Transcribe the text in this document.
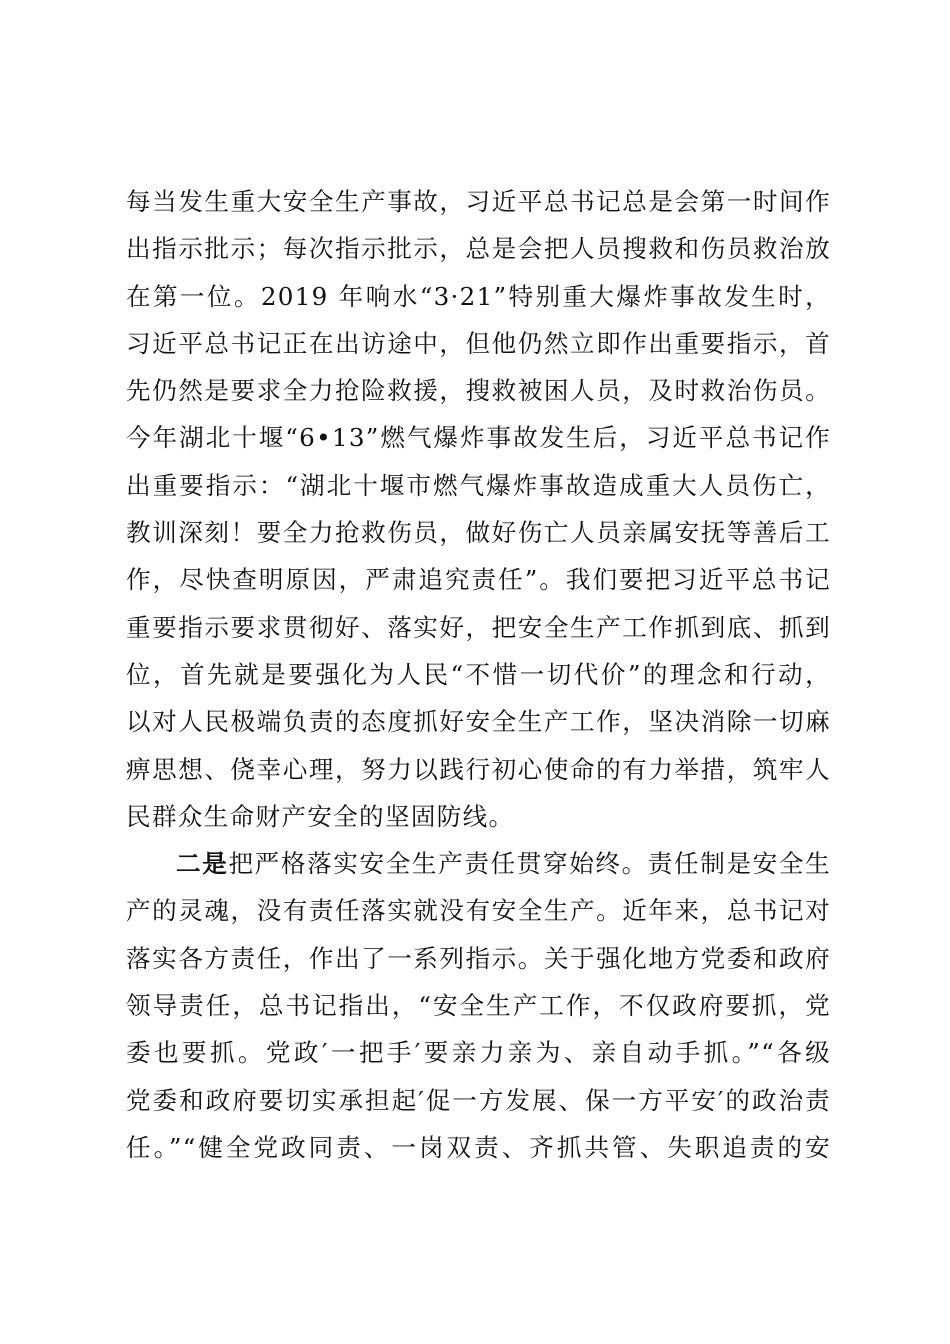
每当发生重大安全生产事故，习近平总书记总是会第一时间作
出指示批示；每次指示批示，总是会把人员搜救和伤员救治放
在第一位。2019 年响水“3·21”特别重大爆炸事故发生时，
习近平总书记正在出访途中，但他仍然立即作出重要指示，首
先仍然是要求全力抢险救援，搜救被困人员，及时救治伤员。
今年湖北十堰“6•13”燃气爆炸事故发生后，习近平总书记作
出重要指示：“湖北十堰市燃气爆炸事故造成重大人员伤亡，
教训深刻！要全力抢救伤员，做好伤亡人员亲属安抚等善后工
作，尽快查明原因，严肃追究责任”。我们要把习近平总书记
重要指示要求贯彻好、落实好，把安全生产工作抓到底、抓到
位，首先就是要强化为人民“不惜一切代价”的理念和行动，
以对人民极端负责的态度抓好安全生产工作，坚决消除一切麻
痹思想、侥幸心理，努力以践行初心使命的有力举措，筑牢人
民群众生命财产安全的坚固防线。
二是把严格落实安全生产责任贯穿始终。责任制是安全生
产的灵魂，没有责任落实就没有安全生产。近年来，总书记对
落实各方责任，作出了一系列指示。关于强化地方党委和政府
领导责任，总书记指出，“安全生产工作，不仅政府要抓，党
委也要抓。党政′一把手′要亲力亲为、亲自动手抓。”“各级
党委和政府要切实承担起′促一方发展、保一方平安′的政治责
任。”“健全党政同责、一岗双责、齐抓共管、失职追责的安
